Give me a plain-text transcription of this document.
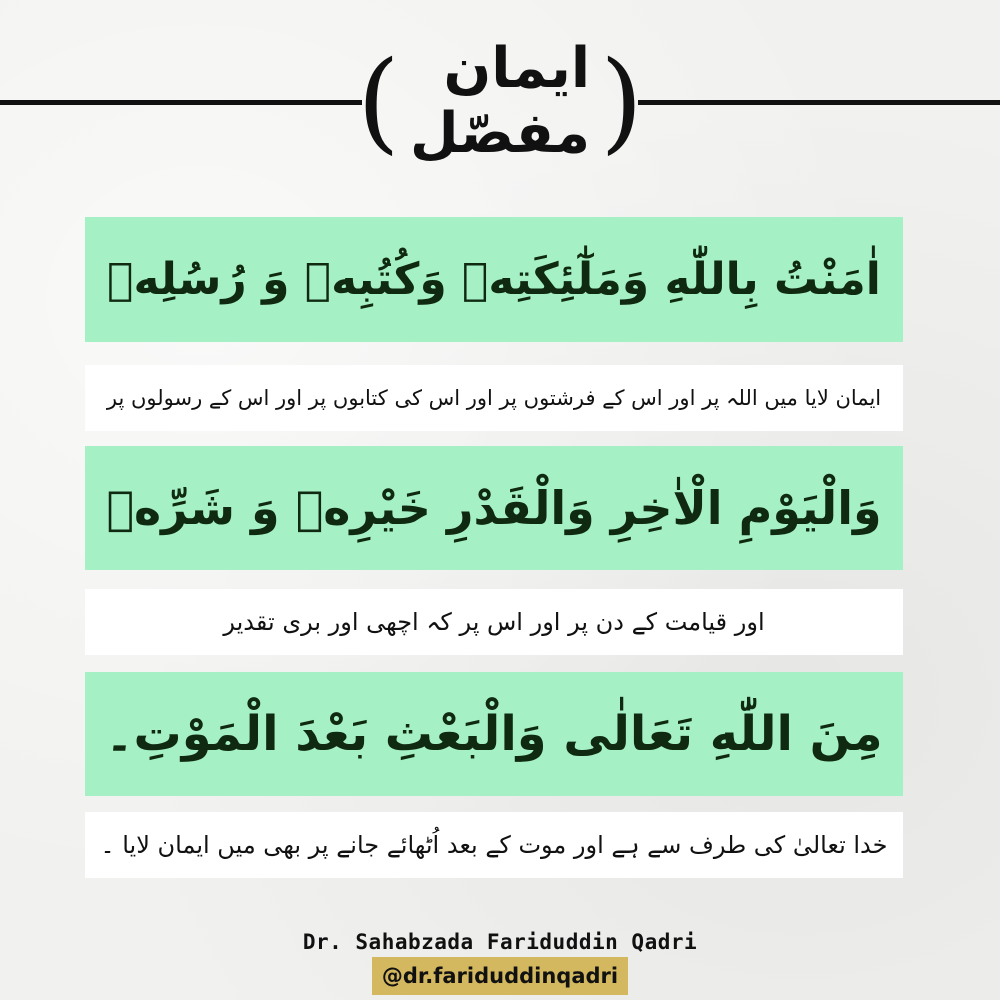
( ایمان مفصّل )
اٰمَنْتُ بِاللّٰهِ وَمَلٰٓئِكَتِهٖ وَكُتُبِهٖ وَ رُسُلِهٖ
ایمان لایا میں اللہ پر اور اس کے فرشتوں پر اور اس کی کتابوں پر اور اس کے رسولوں پر
وَالْيَوْمِ الْاٰخِرِ وَالْقَدْرِ خَيْرِهٖ وَ شَرِّهٖ
اور قیامت کے دن پر اور اس پر کہ اچھی اور بری تقدیر
مِنَ اللّٰهِ تَعَالٰى وَالْبَعْثِ بَعْدَ الْمَوْتِ۔
خدا تعالیٰ کی طرف سے ہے اور موت کے بعد اُٹھائے جانے پر بھی میں ایمان لایا ۔
Dr. Sahabzada Fariduddin Qadri
@dr.fariduddinqadri
